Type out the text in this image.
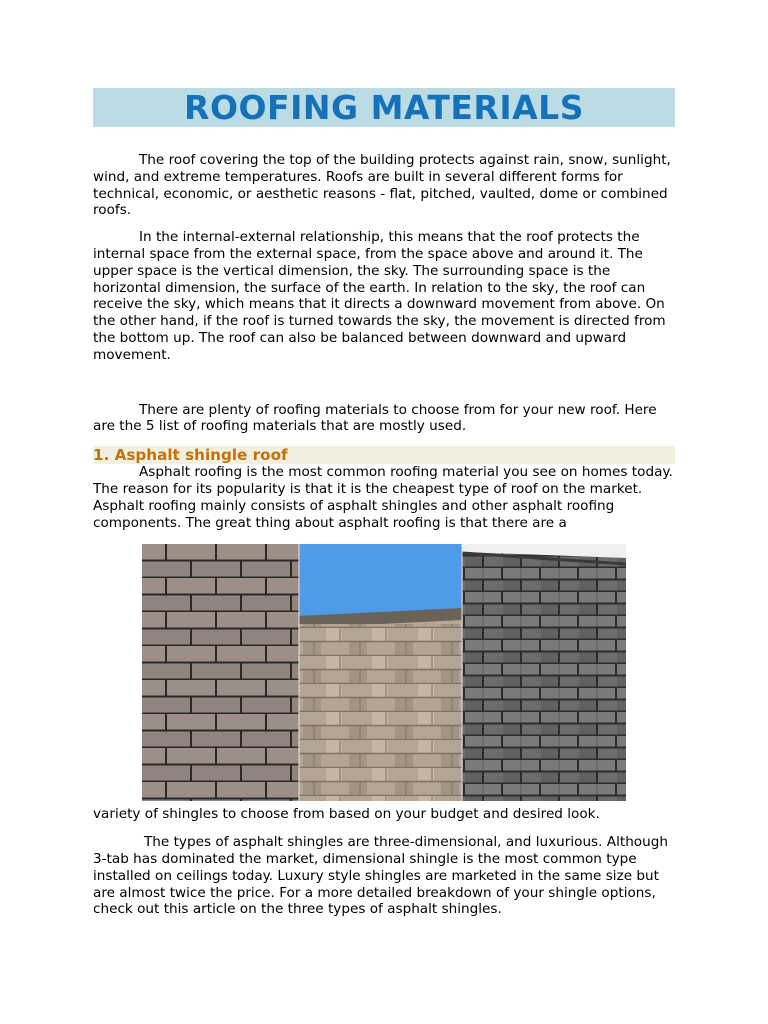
ROOFING MATERIALS

The roof covering the top of the building protects against rain, snow, sunlight, wind, and extreme temperatures. Roofs are built in several different forms for technical, economic, or aesthetic reasons - flat, pitched, vaulted, dome or combined roofs.

In the internal-external relationship, this means that the roof protects the internal space from the external space, from the space above and around it. The upper space is the vertical dimension, the sky. The surrounding space is the horizontal dimension, the surface of the earth. In relation to the sky, the roof can receive the sky, which means that it directs a downward movement from above. On the other hand, if the roof is turned towards the sky, the movement is directed from the bottom up. The roof can also be balanced between downward and upward movement.

There are plenty of roofing materials to choose from for your new roof. Here are the 5 list of roofing materials that are mostly used.

1. Asphalt shingle roof

Asphalt roofing is the most common roofing material you see on homes today. The reason for its popularity is that it is the cheapest type of roof on the market. Asphalt roofing mainly consists of asphalt shingles and other asphalt roofing components. The great thing about asphalt roofing is that there are a

variety of shingles to choose from based on your budget and desired look.

The types of asphalt shingles are three-dimensional, and luxurious. Although 3-tab has dominated the market, dimensional shingle is the most common type installed on ceilings today. Luxury style shingles are marketed in the same size but are almost twice the price. For a more detailed breakdown of your shingle options, check out this article on the three types of asphalt shingles.
